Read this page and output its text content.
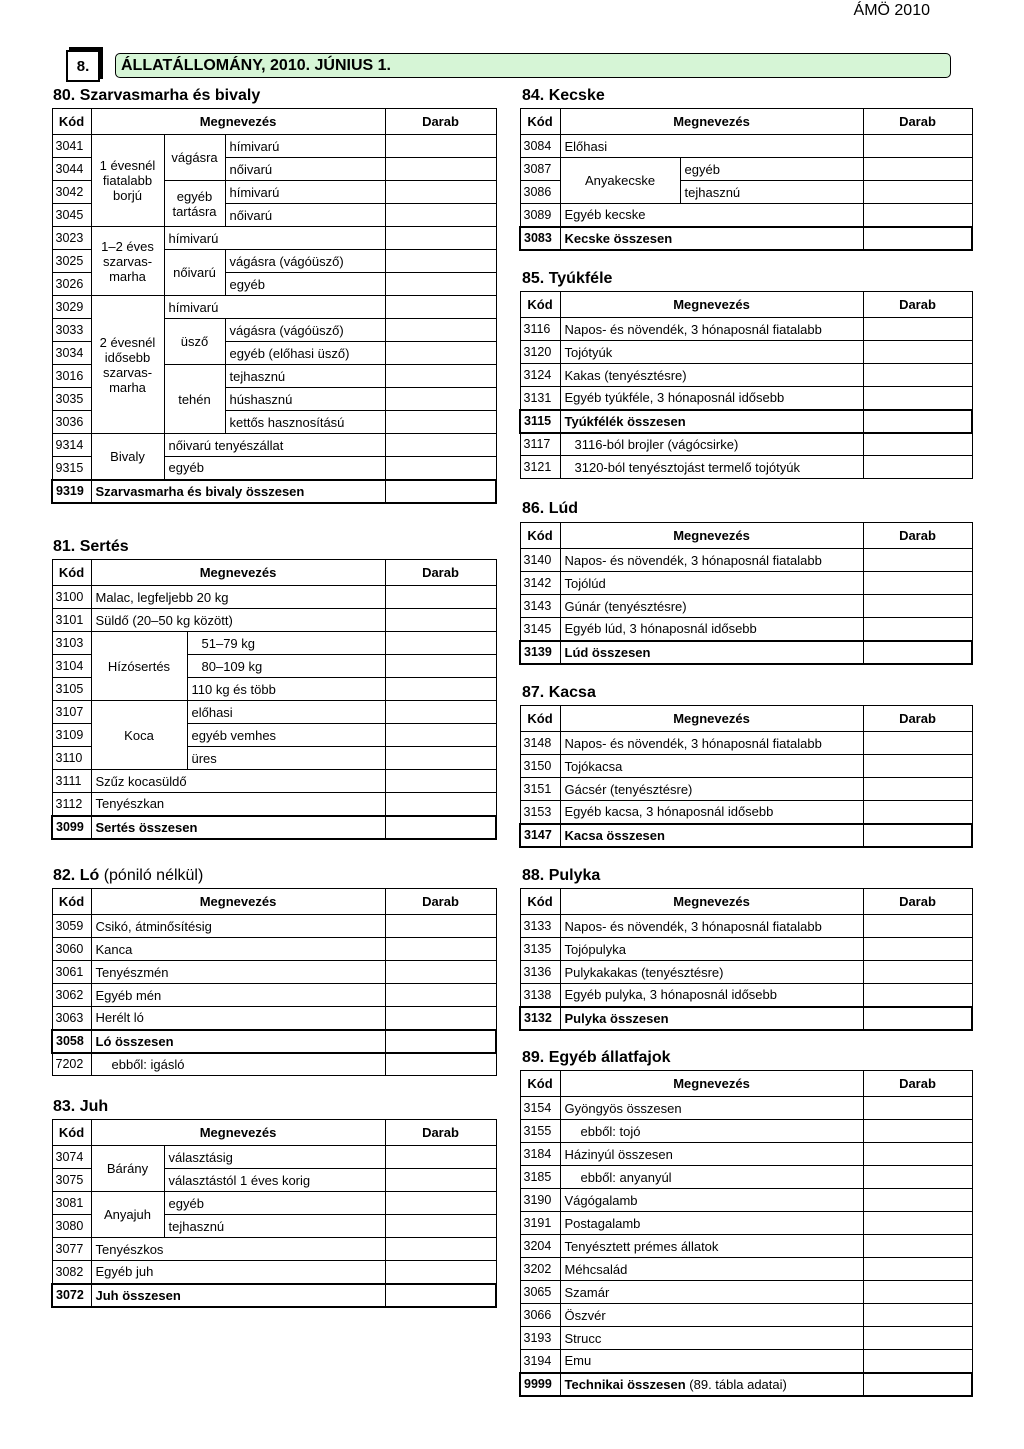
ÁMÖ 2010
8.	ÁLLATÁLLOMÁNY, 2010. JÚNIUS 1.
80. Szarvasmarha és bivaly
Kód	Megnevezés			Darab
3041	1 évesnél fiatalabb borjú	vágásra	hímivarú	
3044			nőivarú	
3042		egyéb tartásra	hímivarú	
3045			nőivarú	
3023	1–2 éves szarvas-marha	hímivarú		
3025		nőivarú	vágásra (vágóüsző)	
3026			egyéb	
3029	2 évesnél idősebb szarvas-marha	hímivarú		
3033		üsző	vágásra (vágóüsző)	
3034			egyéb (előhasi üsző)	
3016		tehén	tejhasznú	
3035			húshasznú	
3036			kettős hasznosítású	
9314	Bivaly	nőivarú tenyészállat		
9315		egyéb		
9319	Szarvasmarha és bivaly összesen			
81. Sertés
Kód	Megnevezés		Darab
3100	Malac, legfeljebb 20 kg		
3101	Süldő (20–50 kg között)		
3103	Hízósertés	51–79 kg	
3104		80–109 kg	
3105		110 kg és több	
3107	Koca	előhasi	
3109		egyéb vemhes	
3110		üres	
3111	Szűz kocasüldő		
3112	Tenyészkan		
3099	Sertés összesen		
82. Ló (póniló nélkül)
Kód	Megnevezés	Darab
3059	Csikó, átminősítésig	
3060	Kanca	
3061	Tenyészmén	
3062	Egyéb mén	
3063	Herélt ló	
3058	Ló összesen	
7202	ebből: igásló	
83. Juh
Kód	Megnevezés		Darab
3074	Bárány	választásig	
3075		választástól 1 éves korig	
3081	Anyajuh	egyéb	
3080		tejhasznú	
3077	Tenyészkos		
3082	Egyéb juh		
3072	Juh összesen		
84. Kecske
Kód	Megnevezés		Darab
3084	Előhasi		
3087	Anyakecske	egyéb	
3086		tejhasznú	
3089	Egyéb kecske		
3083	Kecske összesen		
85. Tyúkféle
Kód	Megnevezés	Darab
3116	Napos- és növendék, 3 hónaposnál fiatalabb	
3120	Tojótyúk	
3124	Kakas (tenyésztésre)	
3131	Egyéb tyúkféle, 3 hónaposnál idősebb	
3115	Tyúkfélék összesen	
3117	3116-ból brojler (vágócsirke)	
3121	3120-ból tenyésztojást termelő tojótyúk	
86. Lúd
Kód	Megnevezés	Darab
3140	Napos- és növendék, 3 hónaposnál fiatalabb	
3142	Tojólúd	
3143	Gúnár (tenyésztésre)	
3145	Egyéb lúd, 3 hónaposnál idősebb	
3139	Lúd összesen	
87. Kacsa
Kód	Megnevezés	Darab
3148	Napos- és növendék, 3 hónaposnál fiatalabb	
3150	Tojókacsa	
3151	Gácsér (tenyésztésre)	
3153	Egyéb kacsa, 3 hónaposnál idősebb	
3147	Kacsa összesen	
88. Pulyka
Kód	Megnevezés	Darab
3133	Napos- és növendék, 3 hónaposnál fiatalabb	
3135	Tojópulyka	
3136	Pulykakakas (tenyésztésre)	
3138	Egyéb pulyka, 3 hónaposnál idősebb	
3132	Pulyka összesen	
89. Egyéb állatfajok
Kód	Megnevezés	Darab
3154	Gyöngyös összesen	
3155	ebből: tojó	
3184	Házinyúl összesen	
3185	ebből: anyanyúl	
3190	Vágógalamb	
3191	Postagalamb	
3204	Tenyésztett prémes állatok	
3202	Méhcsalád	
3065	Szamár	
3066	Öszvér	
3193	Strucc	
3194	Emu	
9999	Technikai összesen (89. tábla adatai)	
